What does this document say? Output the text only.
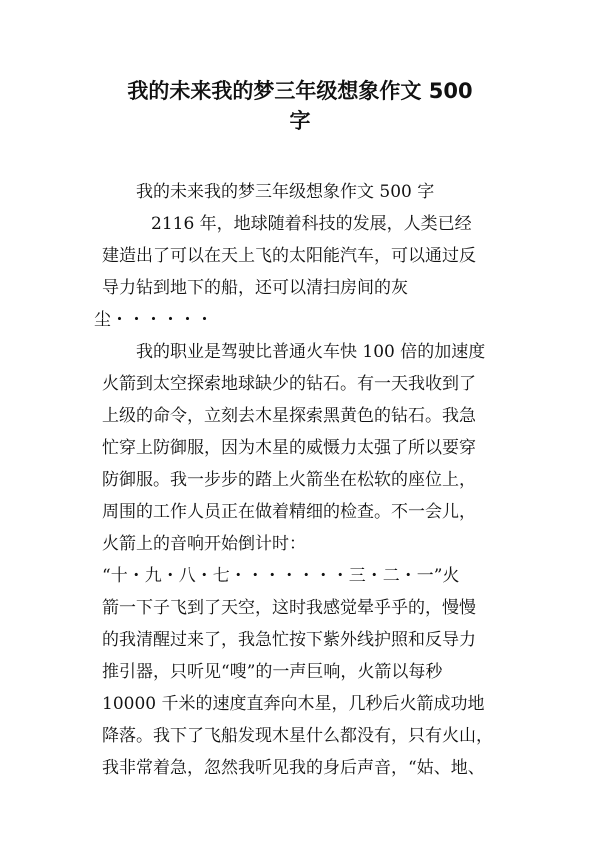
我的未来我的梦三年级想象作文 500
字
我的未来我的梦三年级想象作文 500 字
2116 年，地球随着科技的发展，人类已经
建造出了可以在天上飞的太阳能汽车，可以通过反
导力钻到地下的船，还可以清扫房间的灰
尘・・・・・・
我的职业是驾驶比普通火车快 100 倍的加速度
火箭到太空探索地球缺少的钻石。有一天我收到了
上级的命令，立刻去木星探索黑黄色的钻石。我急
忙穿上防御服，因为木星的威慑力太强了所以要穿
防御服。我一步步的踏上火箭坐在松软的座位上，
周围的工作人员正在做着精细的检查。不一会儿，
火箭上的音响开始倒计时：
“十・九・八・七・・・・・・・三・二・一”火
箭一下子飞到了天空，这时我感觉晕乎乎的，慢慢
的我清醒过来了，我急忙按下紫外线护照和反导力
推引器，只听见“嗖”的一声巨响，火箭以每秒
10000 千米的速度直奔向木星，几秒后火箭成功地
降落。我下了飞船发现木星什么都没有，只有火山，
我非常着急，忽然我听见我的身后声音，“姑、地、
